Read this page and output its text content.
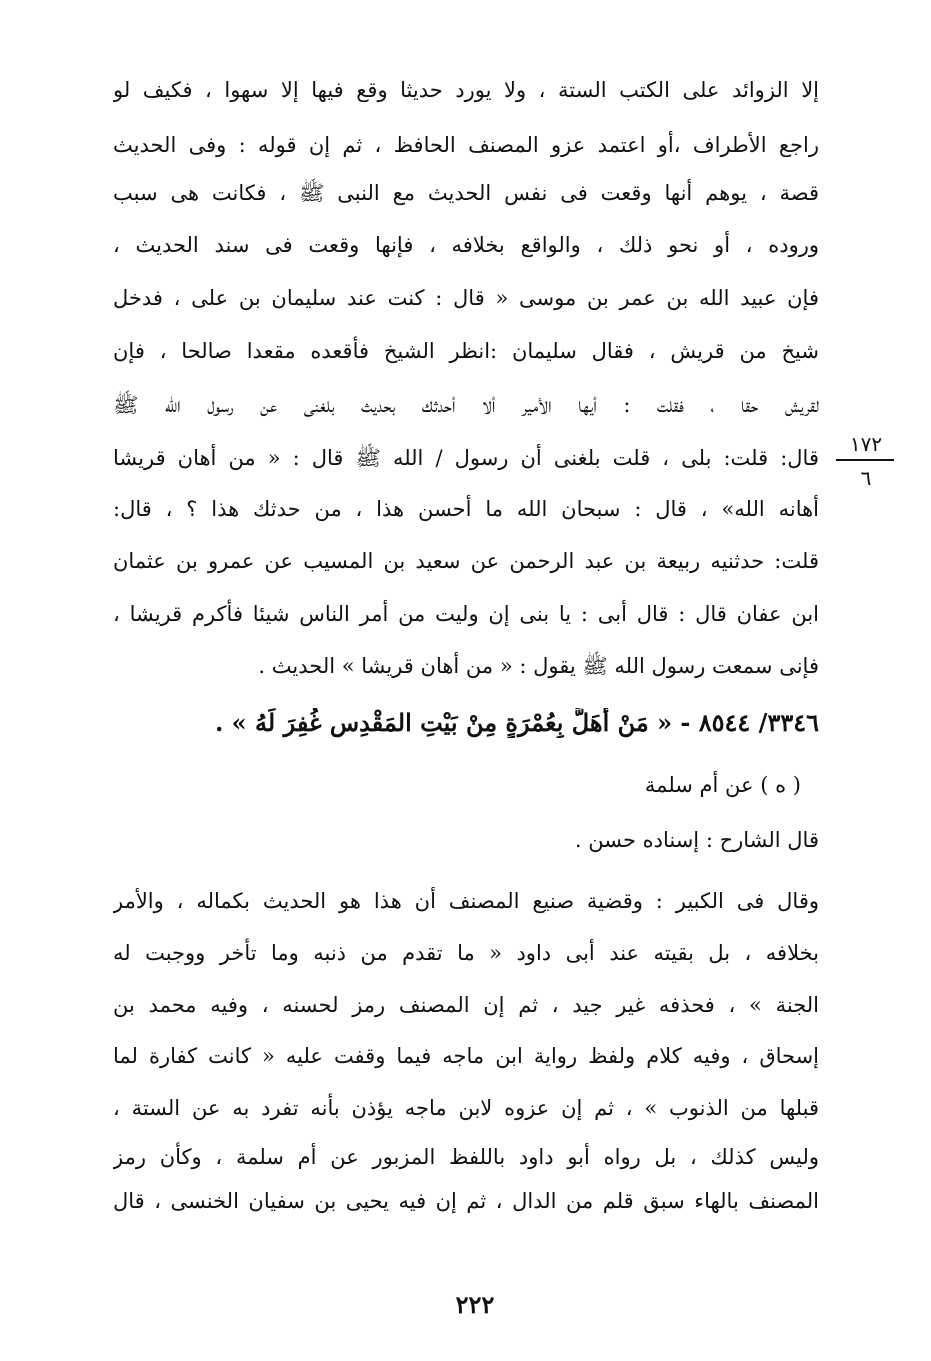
إلا الزوائد على الكتب الستة ، ولا يورد حديثا وقع فيها إلا سهوا ، فكيف لو
راجع الأطراف ،أو اعتمد عزو المصنف الحافظ ، ثم إن قوله : وفى الحديث
قصة ، يوهم أنها وقعت فى نفس الحديث مع النبى ﷺ ، فكانت هى سبب
وروده ، أو نحو ذلك ، والواقع بخلافه ، فإنها وقعت فى سند الحديث ،
فإن عبيد الله بن عمر بن موسى « قال : كنت عند سليمان بن على ، فدخل
شيخ من قريش ، فقال سليمان :انظر الشيخ فأقعده مقعدا صالحا ، فإن
لقريش حقا ، فقلت : أيها الأمير ألا أحدثك بحديث بلغنى عن رسول الله ﷺ
قال: قلت: بلى ، قلت بلغنى أن رسول / الله ﷺ قال : « من أهان قريشا
أهانه الله» ، قال : سبحان الله ما أحسن هذا ، من حدثك هذا ؟ ، قال:
قلت: حدثنيه ربيعة بن عبد الرحمن عن سعيد بن المسيب عن عمرو بن عثمان
ابن عفان قال : قال أبى : يا بنى إن وليت من أمر الناس شيئا فأكرم قريشا ،
فإنى سمعت رسول الله ﷺ يقول : « من أهان قريشا » الحديث .
٣٣٤٦/ ٨٥٤٤ - « مَنْ أَهَلَّ بِعُمْرَةٍ مِنْ بَيْتِ المَقْدِسِ غُفِرَ لَهُ » .
( ه ) عن أم سلمة
قال الشارح : إسناده حسن .
وقال فى الكبير : وقضية صنيع المصنف أن هذا هو الحديث بكماله ، والأمر
بخلافه ، بل بقيته عند أبى داود « ما تقدم من ذنبه وما تأخر ووجبت له
الجنة » ، فحذفه غير جيد ، ثم إن المصنف رمز لحسنه ، وفيه محمد بن
إسحاق ، وفيه كلام ولفظ رواية ابن ماجه فيما وقفت عليه « كانت كفارة لما
قبلها من الذنوب » ، ثم إن عزوه لابن ماجه يؤذن بأنه تفرد به عن الستة ،
وليس كذلك ، بل رواه أبو داود باللفظ المزبور عن أم سلمة ، وكأن رمز
المصنف بالهاء سبق قلم من الدال ، ثم إن فيه يحيى بن سفيان الخنسى ، قال
١٧٢
٦
٢٢٢
